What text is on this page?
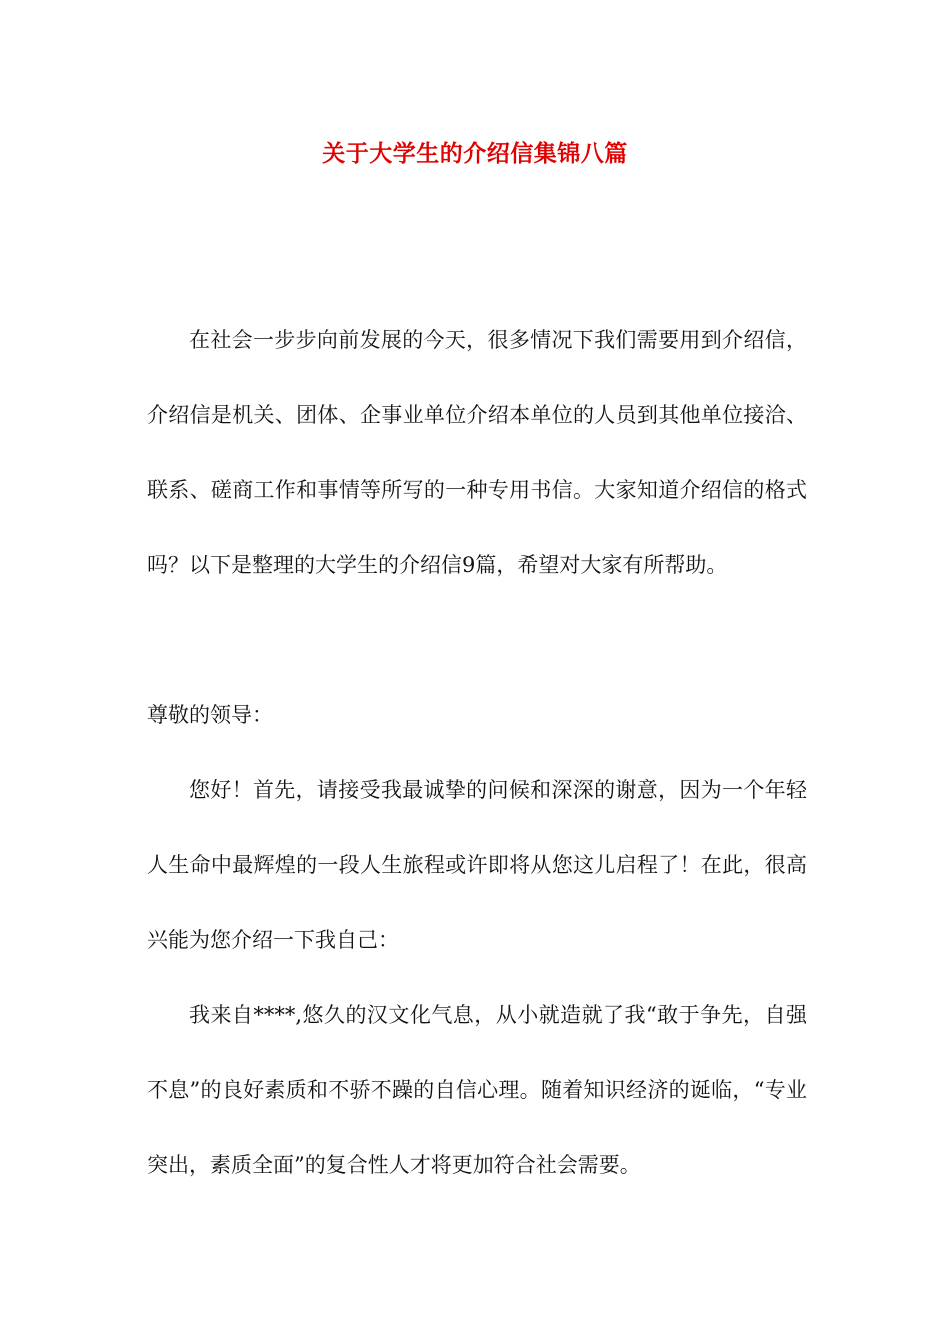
关于大学生的介绍信集锦八篇

在社会一步步向前发展的今天，很多情况下我们需要用到介绍信，介绍信是机关、团体、企事业单位介绍本单位的人员到其他单位接洽、联系、磋商工作和事情等所写的一种专用书信。大家知道介绍信的格式吗？以下是整理的大学生的介绍信9篇，希望对大家有所帮助。

尊敬的领导：

您好！首先，请接受我最诚挚的问候和深深的谢意，因为一个年轻人生命中最辉煌的一段人生旅程或许即将从您这儿启程了！在此，很高兴能为您介绍一下我自己：

我来自****,悠久的汉文化气息，从小就造就了我“敢于争先，自强不息”的良好素质和不骄不躁的自信心理。随着知识经济的诞临，“专业突出，素质全面”的复合性人才将更加符合社会需要。
